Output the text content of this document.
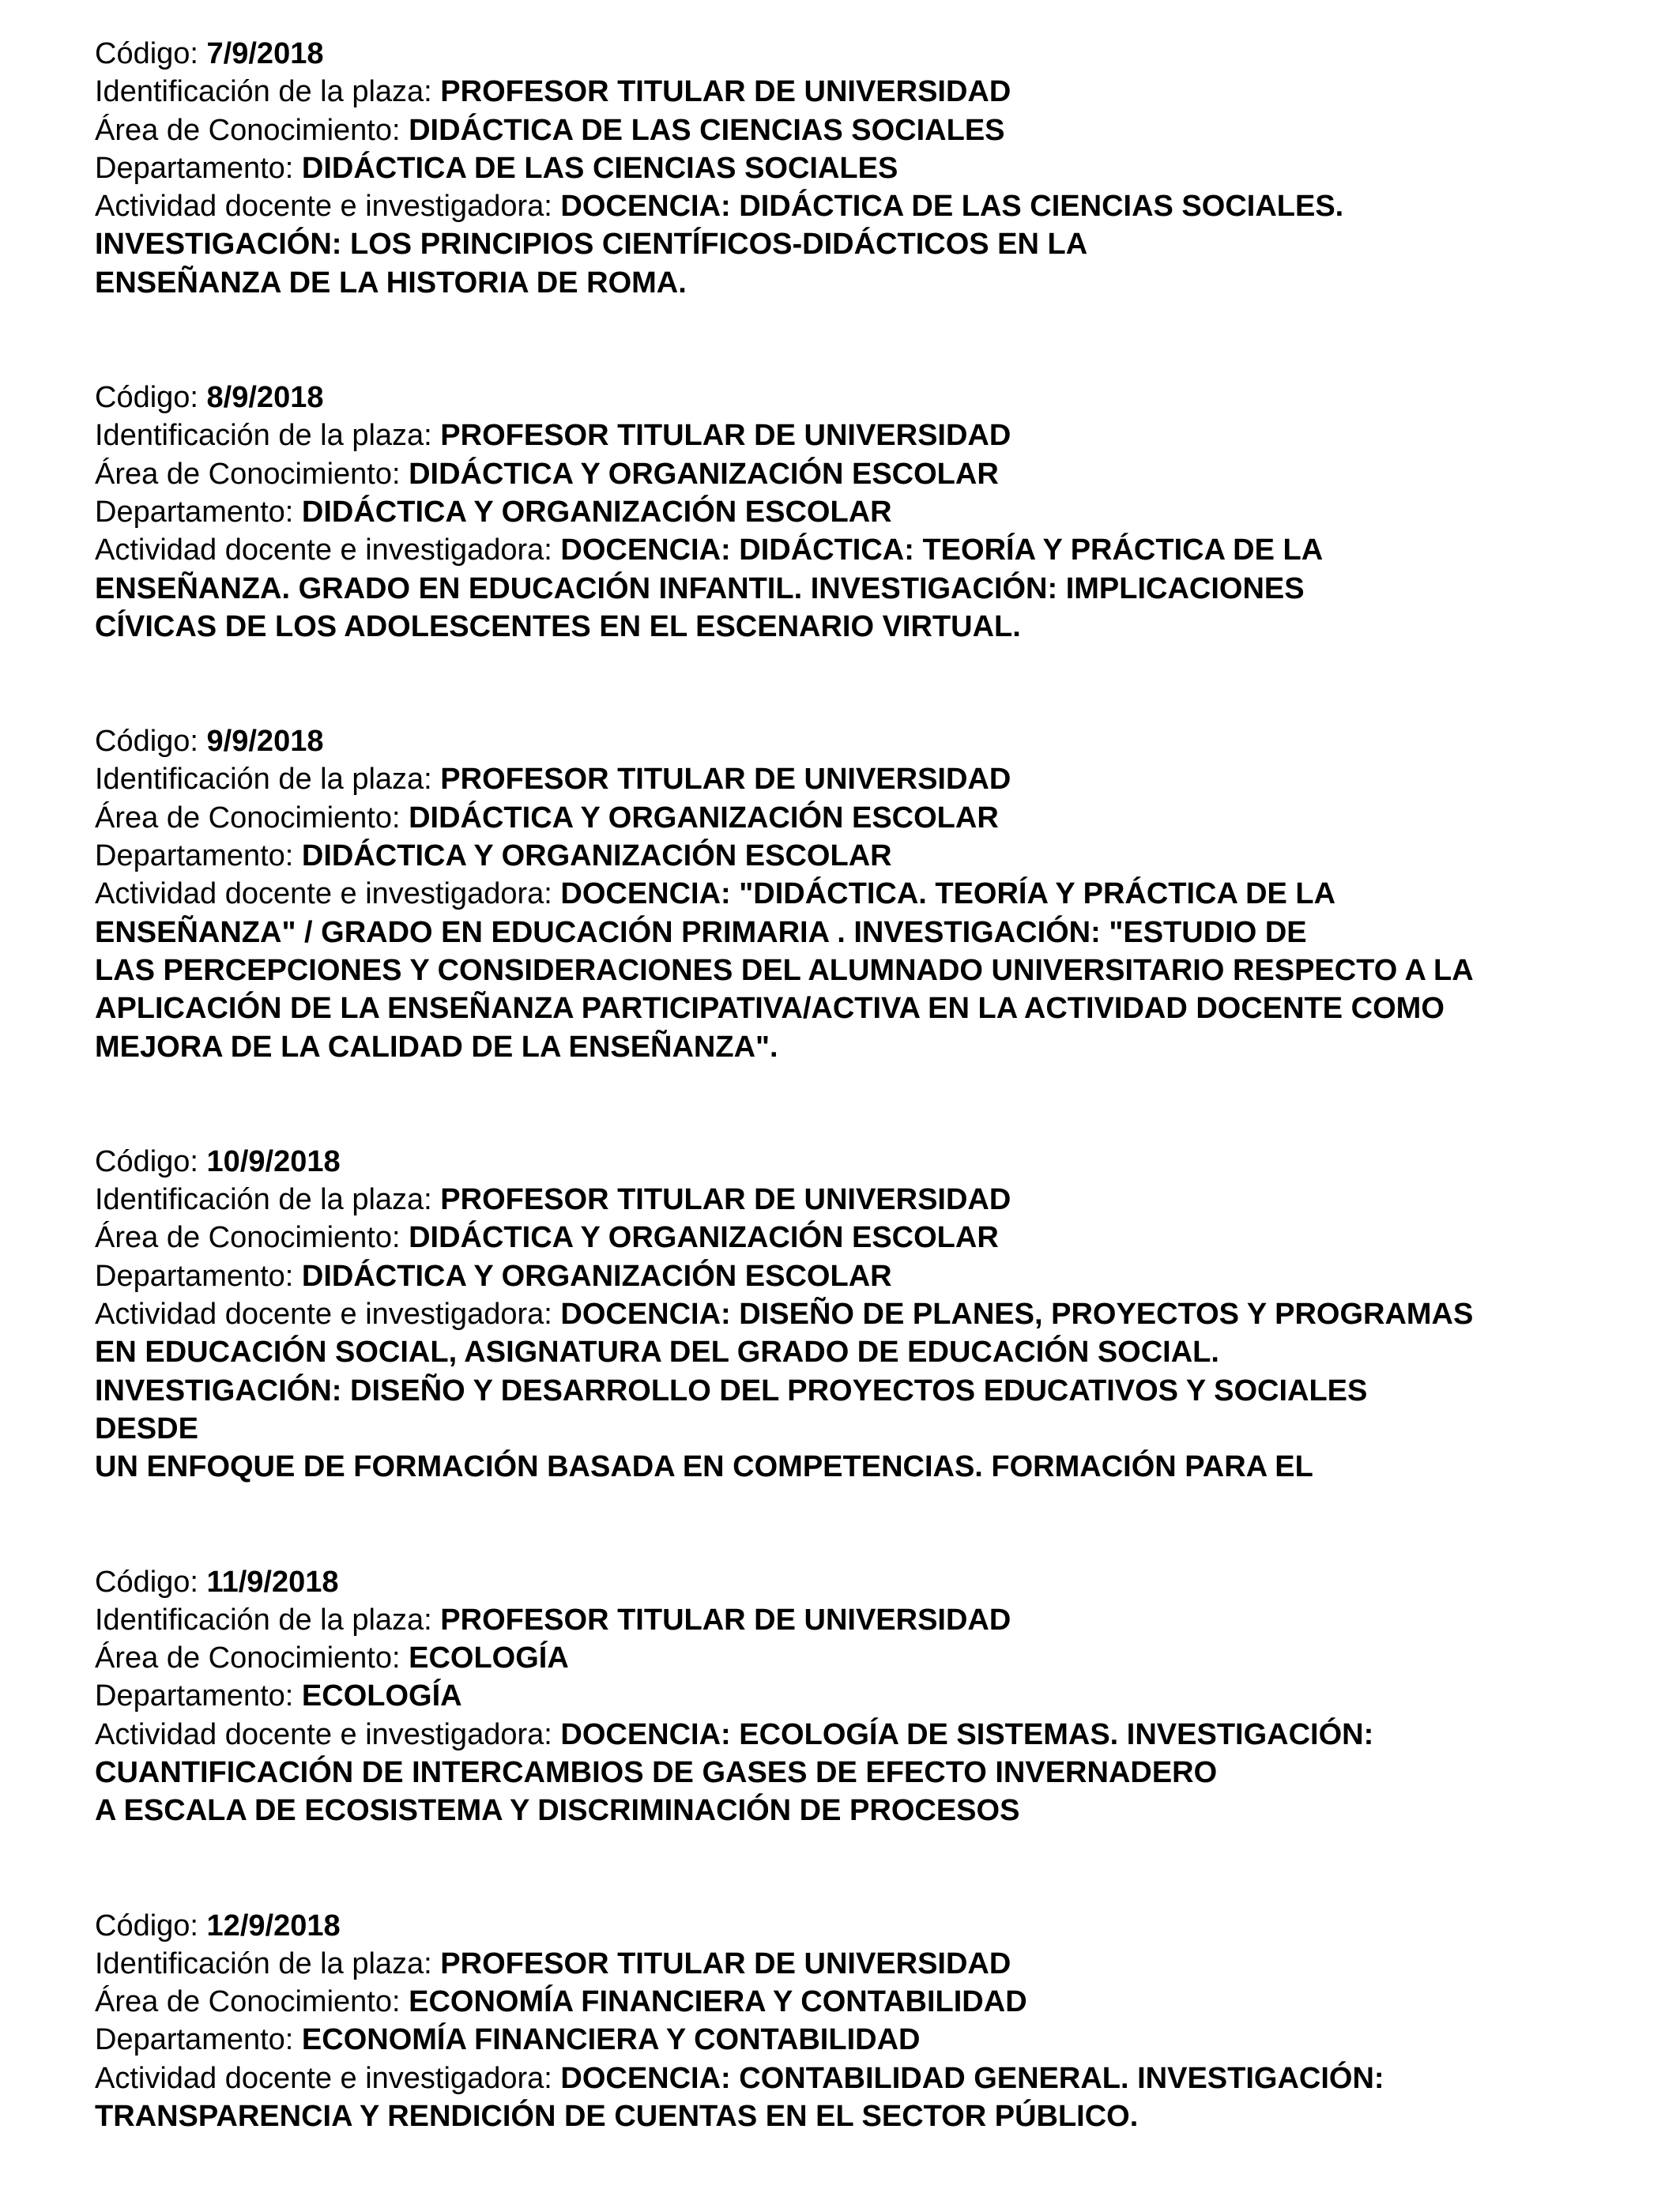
Código: 7/9/2018
Identificación de la plaza: PROFESOR TITULAR DE UNIVERSIDAD
Área de Conocimiento: DIDÁCTICA DE LAS CIENCIAS SOCIALES
Departamento: DIDÁCTICA DE LAS CIENCIAS SOCIALES
Actividad docente e investigadora: DOCENCIA: DIDÁCTICA DE LAS CIENCIAS SOCIALES.
INVESTIGACIÓN: LOS PRINCIPIOS CIENTÍFICOS-DIDÁCTICOS EN LA
ENSEÑANZA DE LA HISTORIA DE ROMA.
Código: 8/9/2018
Identificación de la plaza: PROFESOR TITULAR DE UNIVERSIDAD
Área de Conocimiento: DIDÁCTICA Y ORGANIZACIÓN ESCOLAR
Departamento: DIDÁCTICA Y ORGANIZACIÓN ESCOLAR
Actividad docente e investigadora: DOCENCIA: DIDÁCTICA: TEORÍA Y PRÁCTICA DE LA
ENSEÑANZA. GRADO EN EDUCACIÓN INFANTIL. INVESTIGACIÓN: IMPLICACIONES
CÍVICAS DE LOS ADOLESCENTES EN EL ESCENARIO VIRTUAL.
Código: 9/9/2018
Identificación de la plaza: PROFESOR TITULAR DE UNIVERSIDAD
Área de Conocimiento: DIDÁCTICA Y ORGANIZACIÓN ESCOLAR
Departamento: DIDÁCTICA Y ORGANIZACIÓN ESCOLAR
Actividad docente e investigadora: DOCENCIA: "DIDÁCTICA. TEORÍA Y PRÁCTICA DE LA
ENSEÑANZA" / GRADO EN EDUCACIÓN PRIMARIA . INVESTIGACIÓN: "ESTUDIO DE
LAS PERCEPCIONES Y CONSIDERACIONES DEL ALUMNADO UNIVERSITARIO RESPECTO A LA
APLICACIÓN DE LA ENSEÑANZA PARTICIPATIVA/ACTIVA EN LA ACTIVIDAD DOCENTE COMO
MEJORA DE LA CALIDAD DE LA ENSEÑANZA".
Código: 10/9/2018
Identificación de la plaza: PROFESOR TITULAR DE UNIVERSIDAD
Área de Conocimiento: DIDÁCTICA Y ORGANIZACIÓN ESCOLAR
Departamento: DIDÁCTICA Y ORGANIZACIÓN ESCOLAR
Actividad docente e investigadora: DOCENCIA: DISEÑO DE PLANES, PROYECTOS Y PROGRAMAS
EN EDUCACIÓN SOCIAL, ASIGNATURA DEL GRADO DE EDUCACIÓN SOCIAL.
INVESTIGACIÓN: DISEÑO Y DESARROLLO DEL PROYECTOS EDUCATIVOS Y SOCIALES
DESDE
UN ENFOQUE DE FORMACIÓN BASADA EN COMPETENCIAS. FORMACIÓN PARA EL
Código: 11/9/2018
Identificación de la plaza: PROFESOR TITULAR DE UNIVERSIDAD
Área de Conocimiento: ECOLOGÍA
Departamento: ECOLOGÍA
Actividad docente e investigadora: DOCENCIA: ECOLOGÍA DE SISTEMAS. INVESTIGACIÓN:
CUANTIFICACIÓN DE INTERCAMBIOS DE GASES DE EFECTO INVERNADERO
A ESCALA DE ECOSISTEMA Y DISCRIMINACIÓN DE PROCESOS
Código: 12/9/2018
Identificación de la plaza: PROFESOR TITULAR DE UNIVERSIDAD
Área de Conocimiento: ECONOMÍA FINANCIERA Y CONTABILIDAD
Departamento: ECONOMÍA FINANCIERA Y CONTABILIDAD
Actividad docente e investigadora: DOCENCIA: CONTABILIDAD GENERAL. INVESTIGACIÓN:
TRANSPARENCIA Y RENDICIÓN DE CUENTAS EN EL SECTOR PÚBLICO.
